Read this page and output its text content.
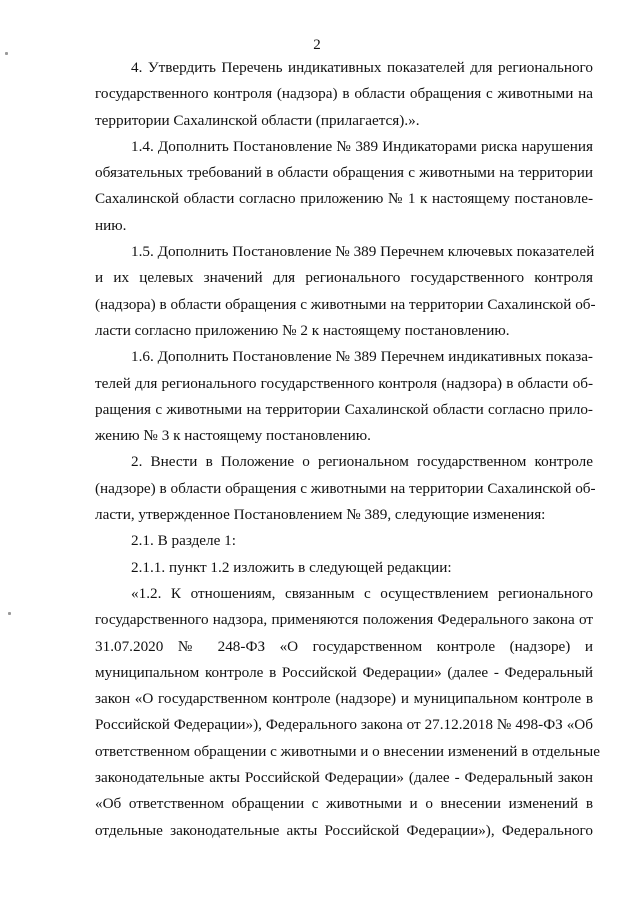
2
4. Утвердить Перечень индикативных показателей для регионального
государственного контроля (надзора) в области обращения с животными на
территории Сахалинской области (прилагается).».
1.4. Дополнить Постановление № 389 Индикаторами риска нарушения
обязательных требований в области обращения с животными на территории
Сахалинской области согласно приложению № 1 к настоящему постановле-
нию.
1.5. Дополнить Постановление № 389 Перечнем ключевых показателей
и их целевых значений для регионального государственного контроля
(надзора) в области обращения с животными на территории Сахалинской об-
ласти согласно приложению № 2 к настоящему постановлению.
1.6. Дополнить Постановление № 389 Перечнем индикативных показа-
телей для регионального государственного контроля (надзора) в области об-
ращения с животными на территории Сахалинской области согласно прило-
жению № 3 к настоящему постановлению.
2. Внести в Положение о региональном государственном контроле
(надзоре) в области обращения с животными на территории Сахалинской об-
ласти, утвержденное Постановлением № 389, следующие изменения:
2.1. В разделе 1:
2.1.1. пункт 1.2 изложить в следующей редакции:
«1.2. К отношениям, связанным с осуществлением регионального
государственного надзора, применяются положения Федерального закона от
31.07.2020 № 248-ФЗ «О государственном контроле (надзоре) и
муниципальном контроле в Российской Федерации» (далее - Федеральный
закон «О государственном контроле (надзоре) и муниципальном контроле в
Российской Федерации»), Федерального закона от 27.12.2018 № 498-ФЗ «Об
ответственном обращении с животными и о внесении изменений в отдельные
законодательные акты Российской Федерации» (далее - Федеральный закон
«Об ответственном обращении с животными и о внесении изменений в
отдельные законодательные акты Российской Федерации»), Федерального
